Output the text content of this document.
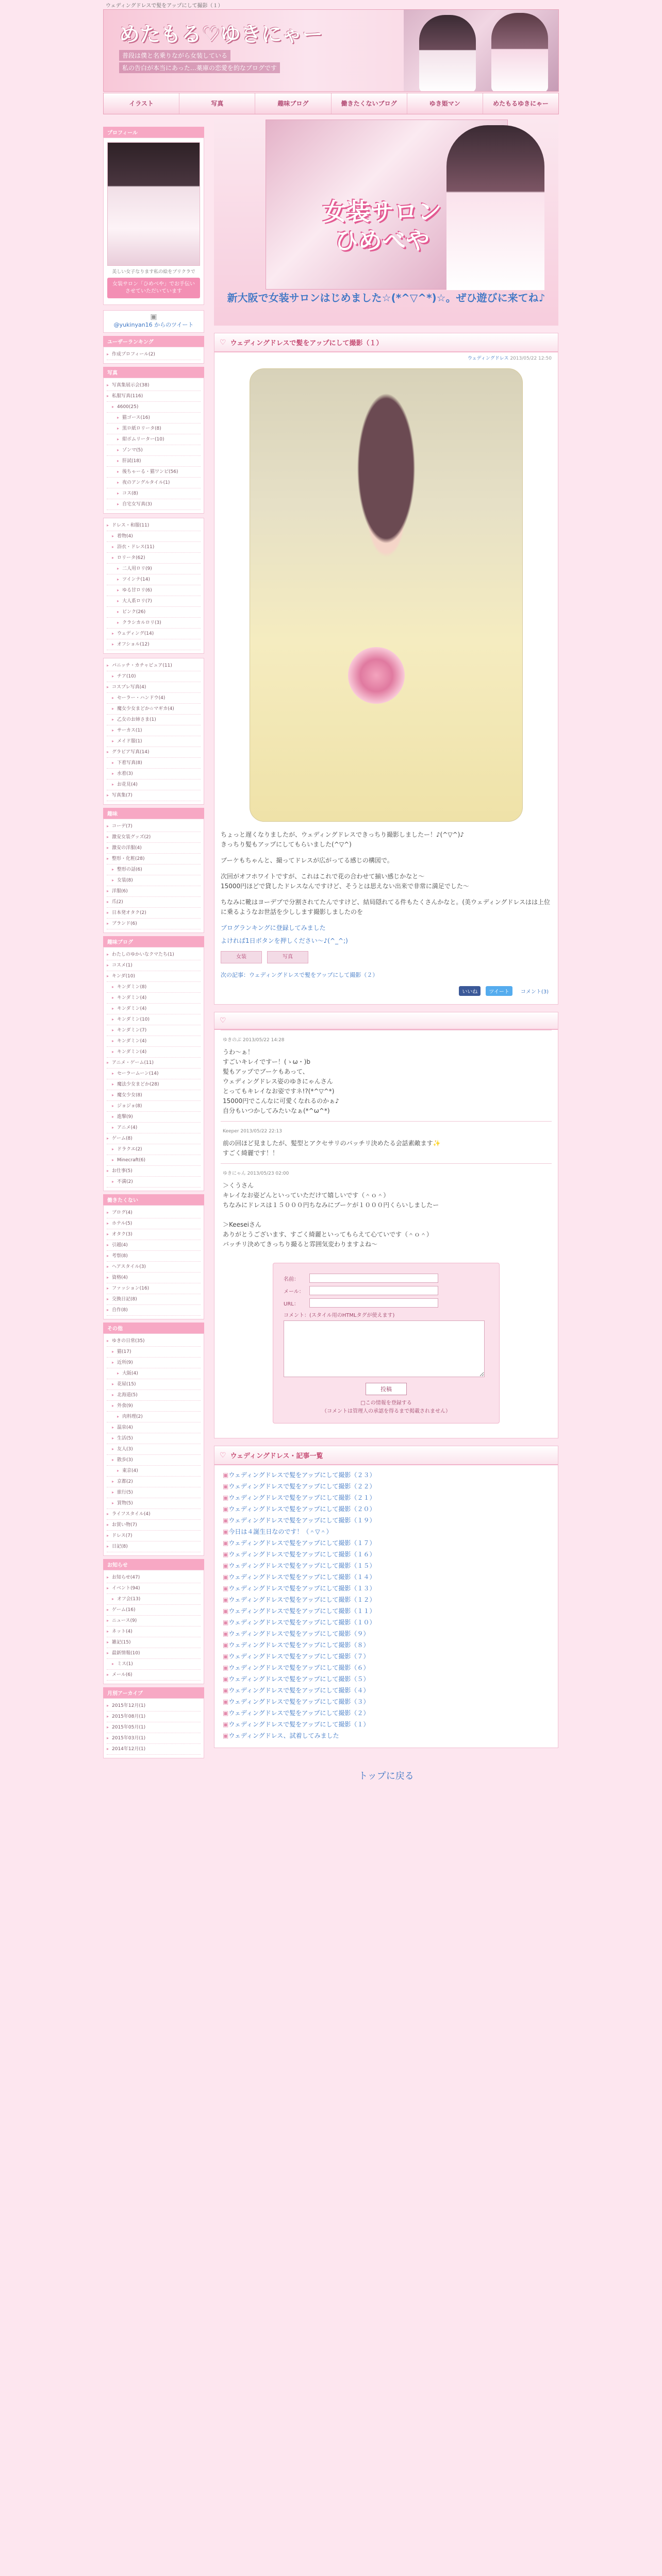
ウェディングドレスで髪をアップにして撮影（１）
めたもる♡ゆきにゃー
普段は僕と名乗りながら女装している
私の告白が本当にあった…薬庫の恋愛を的なブログです
イラスト	写真	趣味ブログ	働きたくないブログ	ゆき姫マン	めたもるゆきにゃー
プロフィール
美しい女子なります私の絵をプリクラで
女装サロン「ひめべや」でお手伝いさせていただいています
▣
@yukinyan16 からのツイート
ユーザーランキング
▸ 作成プロフィール(2)
写真
▸ 写真集展示会(38)
▸ 私服写真(116)
▸ 4600(25)
▸ 猫ゴース(16)
▸ 黒ロ紙ロリータ(8)
▸ 紺ボムリーター(10)
▸ ゾンマ(5)
▸ 肝試(18)
▸ 後ちゃーる・猫ワンピ(56)
▸ 夜のアングルタイル(1)
▸ コス(8)
▸ 自宅女写真(3)
▸ ドレス・和服(11)
▸ 着物(4)
▸ 浴衣・ドレス(11)
▸ ロリータ(62)
▸ 二人用ロリ(9)
▸ ツインテ(14)
▸ ゆる甘ロリ(6)
▸ 大人系ロリ(7)
▸ ピンク(26)
▸ クラシカルロリ(3)
▸ ウェディング(14)
▸ オフショル(12)
▸ パニッチ・カチャピュア(11)
▸ チア(10)
▸ コスプレ写真(4)
▸ セーラー・ハンドウ(4)
▸ 魔女少女まどか☆マギカ(4)
▸ 乙女のお姉さま(1)
▸ サーカス(1)
▸ メイド服(1)
▸ グラビア写真(14)
▸ 下着写真(8)
▸ 水着(3)
▸ お花見(4)
▸ 写真集(7)
趣味
▸ コーデ(7)
▸ 激安女装グッズ(2)
▸ 激安の洋服(4)
▸ 整形・化粧(28)
▸ 整形の話(6)
▸ 女装(8)
▸ 洋服(6)
▸ 爪(2)
▸ 日本発オタク(2)
▸ ブランド(6)
趣味ブログ
▸ わたしのゆかいなクマたち(1)
▸ コスメ(1)
▸ キンダ(10)
▸ キンダミン(8)
▸ キンダミン(4)
▸ キンダミン(4)
▸ キンダミン(10)
▸ キンダミン(7)
▸ キンダミン(4)
▸ キンダミン(4)
▸ アニメ・ゲーム(11)
▸ セーラームーン(14)
▸ 魔法少女まどか(28)
▸ 魔女少女(8)
▸ ジョジョ(8)
▸ 進撃(9)
▸ アニメ(4)
▸ ゲーム(8)
▸ ドラクエ(2)
▸ Minecraft(6)
▸ お仕事(5)
▸ 不満(2)
働きたくない
▸ ブログ(4)
▸ ホテル(5)
▸ オタク(3)
▸ 引越(4)
▸ 考察(8)
▸ ヘアスタイル(3)
▸ 資格(4)
▸ ファッション(16)
▸ 交換日記(8)
▸ 自作(8)
その他
▸ ゆきの日常(35)
▸ 猫(17)
▸ 近所(9)
▸ 大阪(4)
▸ 花屋(15)
▸ 北海道(5)
▸ 外食(9)
▸ 肉料理(2)
▸ 温泉(4)
▸ 生活(5)
▸ 友人(3)
▸ 散歩(3)
▸ 東京(4)
▸ 京都(2)
▸ 旅行(5)
▸ 買物(5)
▸ ライフスタイル(4)
▸ お買い物(7)
▸ ドレス(7)
▸ 日記(8)
お知らせ
▸ お知らせ(47)
▸ イベント(94)
▸ オフ会(13)
▸ ゲーム(16)
▸ ニュース(9)
▸ ネット(4)
▸ 雑記(15)
▸ 最新情報(10)
▸ ミス(1)
▸ メール(6)
月別アーカイブ
▸ 2015年12月(1)
▸ 2015年08月(1)
▸ 2015年05月(1)
▸ 2015年03月(1)
▸ 2014年12月(1)
女装サロン ひめべや
新大阪で女装サロンはじめました☆(*^▽^*)☆。ぜひ遊びに来てね♪
♡ ウェディングドレスで髪をアップにして撮影（１）
ウェディングドレス 2013/05/22 12:50
ちょっと遅くなりましたが、ウェディングドレスできっちり撮影しましたー！♪(^▽^)♪
きっちり髪もアップにしてもらいました(^▽^)
ブーケもちゃんと、撮ってドレスが広がってる感じの構図で。
次回がオフホワイトですが、これはこれで花の合わせて揃い感じかなと〜
15000円ほどで貸したドレスなんですけど、そうとは思えない出来で非常に満足でした〜
ちなみに靴はヨーデブで分割されてたんですけど、結局隠れてる件もたくさんかなと。(美ウェディングドレスはは上位に乗るようなお世話を少しします撮影しましたのを
ブログランキングに登録してみました
よければ1日ボタンを押しください〜♪(^_^;)
女装	写真
次の記事：ウェディングドレスで髪をアップにして撮影（２）
いいね	ツイート	コメント(3)
♡
ゆきのぶ 2013/05/22 14:28
うわ〜ぁ！
すごいキレイですー！(ゝω・)b
髪もアップでブーケもあって、
ウェディングドレス姿のゆきにゃんさん
とってもキレイなお姿ですネ!?(*^▽^*)
15000円でこんなに可愛くなれるのかぁ♪
自分もいつかしてみたいなぁ(*^ω^*)
Keeper 2013/05/22 22:13
前の回ほど見ましたが、髪型とアクセサリのバッチリ決めたる会話素敵ます✨
すごく綺麗です！！
ゆきにゃん 2013/05/23 02:00
＞くうさん
キレイなお姿どんといっていただけて嬉しいです（＾ｏ＾）
ちなみにドレスは１５０００円ちなみにブーケが１０００円くらいしましたー

＞Keeseiさん
ありがとうございます、すごく綺麗といってもらえて心ていです（＾ｏ＾）
バッチリ決めてきっちり撮ると雰囲気変わりますよね〜
名前：
メール：
URL：
コメント：(スタイル用のHTMLタグが使えます)
投稿
□この情報を登録する
（コメントは管理人の承認を得るまで掲載されません）
♡ ウェディングドレス・記事一覧
▣ ウェディングドレスで髪をアップにして撮影（２３）
▣ ウェディングドレスで髪をアップにして撮影（２２）
▣ ウェディングドレスで髪をアップにして撮影（２１）
▣ ウェディングドレスで髪をアップにして撮影（２０）
▣ ウェディングドレスで髪をアップにして撮影（１９）
▣ 今日は４誕生日なのです！（＾▽＾）
▣ ウェディングドレスで髪をアップにして撮影（１７）
▣ ウェディングドレスで髪をアップにして撮影（１６）
▣ ウェディングドレスで髪をアップにして撮影（１５）
▣ ウェディングドレスで髪をアップにして撮影（１４）
▣ ウェディングドレスで髪をアップにして撮影（１３）
▣ ウェディングドレスで髪をアップにして撮影（１２）
▣ ウェディングドレスで髪をアップにして撮影（１１）
▣ ウェディングドレスで髪をアップにして撮影（１０）
▣ ウェディングドレスで髪をアップにして撮影（９）
▣ ウェディングドレスで髪をアップにして撮影（８）
▣ ウェディングドレスで髪をアップにして撮影（７）
▣ ウェディングドレスで髪をアップにして撮影（６）
▣ ウェディングドレスで髪をアップにして撮影（５）
▣ ウェディングドレスで髪をアップにして撮影（４）
▣ ウェディングドレスで髪をアップにして撮影（３）
▣ ウェディングドレスで髪をアップにして撮影（２）
▣ ウェディングドレスで髪をアップにして撮影（１）
▣ ウェディングドレス、試着してみました
トップに戻る
